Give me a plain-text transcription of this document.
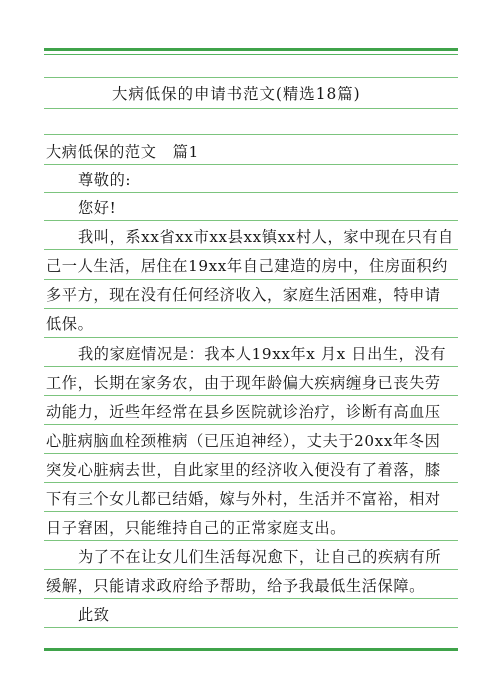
大病低保的申请书范文(精选18篇)
大病低保的范文   篇1
尊敬的:
您好!
我叫，系xx省xx市xx县xx镇xx村人，家中现在只有自
己一人生活，居住在19xx年自己建造的房中，住房面积约
多平方，现在没有任何经济收入，家庭生活困难，特申请
低保。
我的家庭情况是：我本人19xx年x 月x 日出生，没有
工作，长期在家务农，由于现年龄偏大疾病缠身已丧失劳
动能力，近些年经常在县乡医院就诊治疗，诊断有高血压
心脏病脑血栓颈椎病（已压迫神经），丈夫于20xx年冬因
突发心脏病去世，自此家里的经济收入便没有了着落，膝
下有三个女儿都已结婚，嫁与外村，生活并不富裕，相对
日子窘困，只能维持自己的正常家庭支出。
为了不在让女儿们生活每况愈下，让自己的疾病有所
缓解，只能请求政府给予帮助，给予我最低生活保障。
此致
